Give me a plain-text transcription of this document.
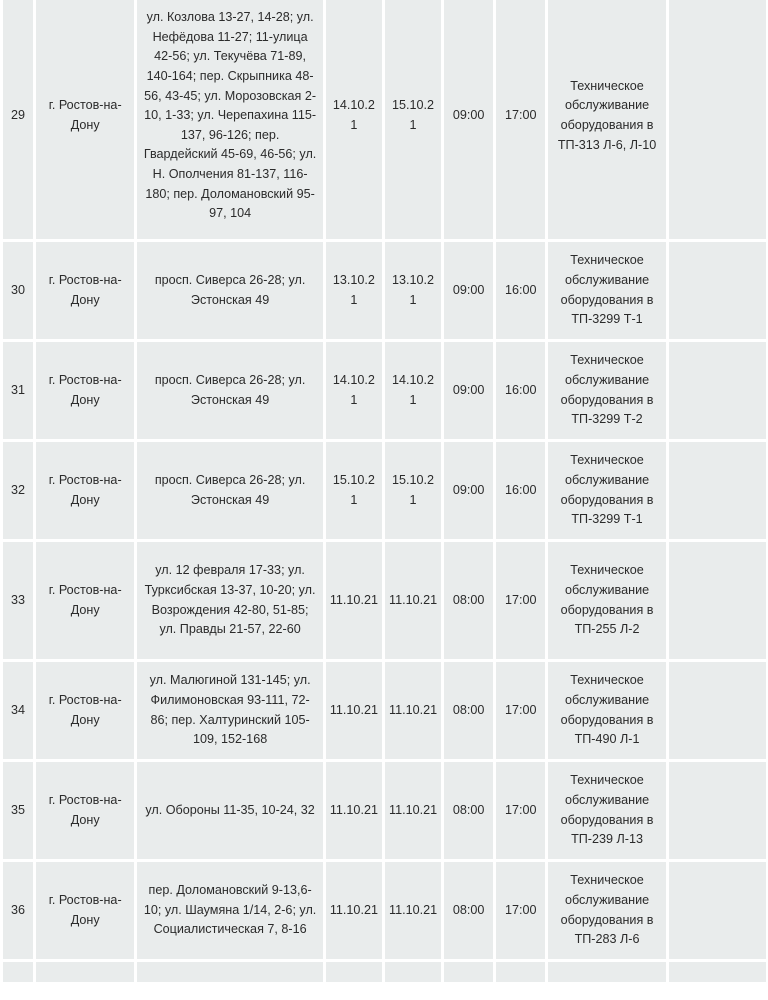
29	г. Ростов-на-Дону	ул. Козлова 13-27, 14-28; ул. Нефёдова 11-27; 11-улица 42-56; ул. Текучёва 71-89, 140-164; пер. Скрыпника 48-56, 43-45; ул. Морозовская 2-10, 1-33; ул. Черепахина 115-137, 96-126; пер. Гвардейский 45-69, 46-56; ул. Н. Ополчения 81-137, 116-180; пер. Доломановский 95-97, 104	14.10.21	15.10.21	09:00	17:00	Техническое обслуживание оборудования в ТП-313 Л-6, Л-10	
30	г. Ростов-на-Дону	просп. Сиверса 26-28; ул. Эстонская 49	13.10.21	13.10.21	09:00	16:00	Техническое обслуживание оборудования в ТП-3299 Т-1	
31	г. Ростов-на-Дону	просп. Сиверса 26-28; ул. Эстонская 49	14.10.21	14.10.21	09:00	16:00	Техническое обслуживание оборудования в ТП-3299 Т-2	
32	г. Ростов-на-Дону	просп. Сиверса 26-28; ул. Эстонская 49	15.10.21	15.10.21	09:00	16:00	Техническое обслуживание оборудования в ТП-3299 Т-1	
33	г. Ростов-на-Дону	ул. 12 февраля 17-33; ул. Турксибская 13-37, 10-20; ул. Возрождения 42-80, 51-85; ул. Правды 21-57, 22-60	11.10.21	11.10.21	08:00	17:00	Техническое обслуживание оборудования в ТП-255 Л-2	
34	г. Ростов-на-Дону	ул. Малюгиной 131-145; ул. Филимоновская 93-111, 72-86; пер. Халтуринский 105-109, 152-168	11.10.21	11.10.21	08:00	17:00	Техническое обслуживание оборудования в ТП-490 Л-1	
35	г. Ростов-на-Дону	ул. Обороны 11-35, 10-24, 32	11.10.21	11.10.21	08:00	17:00	Техническое обслуживание оборудования в ТП-239 Л-13	
36	г. Ростов-на-Дону	пер. Доломановский 9-13,6-10; ул. Шаумяна 1/14, 2-6; ул. Социалистическая 7, 8-16	11.10.21	11.10.21	08:00	17:00	Техническое обслуживание оборудования в ТП-283 Л-6	
